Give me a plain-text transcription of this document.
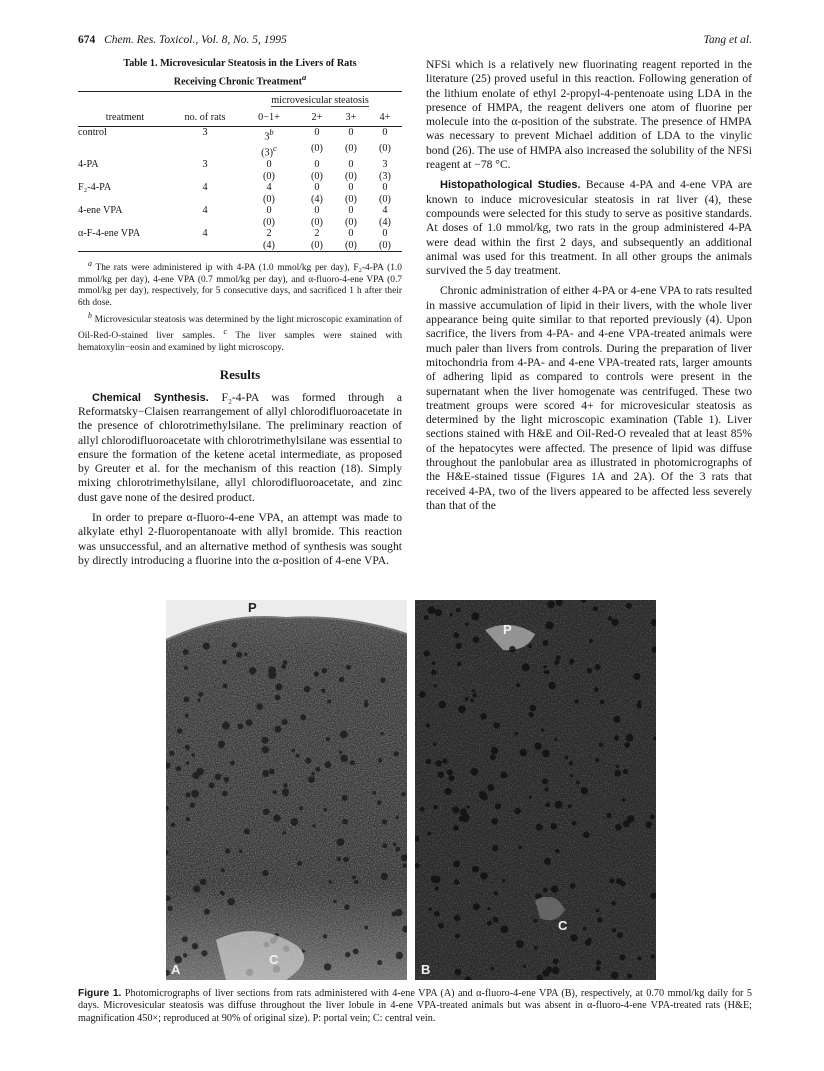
674 Chem. Res. Toxicol., Vol. 8, No. 5, 1995	Tang et al.
Table 1. Microvesicular Steatosis in the Livers of Rats
Receiving Chronic Treatment$^a$
		microvesicular steatosis			
treatment	no. of rats	0−1+	2+	3+	4+
control	3	3$^b$	0	0	0
		$(3)^c$	(0)	(0)	(0)
4-PA	3	0	0	0	3
		(0)	(0)	(0)	(3)
F₂-4-PA	4	4	0	0	0
		(0)	(4)	(0)	(0)
4-ene VPA	4	0	0	0	4
		(0)	(0)	(0)	(4)
α-F-4-ene VPA	4	2	2	0	0
		(4)	(0)	(0)	(0)

$^a$ The rats were administered ip with 4-PA (1.0 mmol/kg per day), F₂-4-PA (1.0 mmol/kg per day), 4-ene VPA (0.7 mmol/kg per day), and α-fluoro-4-ene VPA (0.7 mmol/kg per day), respectively, for 5 consecutive days, and sacrificed 1 h after their 6th dose.

$^b$ Microvesicular steatosis was determined by the light microscopic examination of Oil-Red-O-stained liver samples. $^c$ The liver samples were stained with hematoxylin−eosin and examined by light microscopy.

Results

Chemical Synthesis. F₂-4-PA was formed through a Reformatsky−Claisen rearrangement of allyl chlorodifluoroacetate in the presence of chlorotrimethylsilane. The preliminary reaction of allyl chlorodifluoroacetate with chlorotrimethylsilane was essential to ensure the formation of the ketene acetal intermediate, as proposed by Greuter et al. for the mechanism of this reaction (18). Simply mixing chlorotrimethylsilane, allyl chlorodifluoroacetate, and zinc dust gave none of the desired product.

In order to prepare α-fluoro-4-ene VPA, an attempt was made to alkylate ethyl 2-fluoropentanoate with allyl bromide. This reaction was unsuccessful, and an alternative method of synthesis was sought by directly introducing a fluorine into the α-position of 4-ene VPA.

NFSi which is a relatively new fluorinating reagent reported in the literature (25) proved useful in this reaction. Following generation of the lithium enolate of ethyl 2-propyl-4-pentenoate using LDA in the presence of HMPA, the reagent delivers one atom of fluorine per molecule into the α-position of the substrate. The presence of HMPA was necessary to prevent Michael addition of LDA to the vinylic bond (26). The use of HMPA also increased the solubility of the NFSi reagent at −78 °C.

Histopathological Studies. Because 4-PA and 4-ene VPA are known to induce microvesicular steatosis in rat liver (4), these compounds were selected for this study to serve as positive standards. At doses of 1.0 mmol/kg, two rats in the group administered 4-PA were dead within the first 2 days, and subsequently an additional animal was used for this treatment. In all other groups the animals survived the 5 day treatment.

Chronic administration of either 4-PA or 4-ene VPA to rats resulted in massive accumulation of lipid in their livers, with the whole liver appearance being quite similar to that reported previously (4). Upon sacrifice, the livers from 4-PA- and 4-ene VPA-treated animals were much paler than livers from controls. During the preparation of liver mitochondria from 4-PA- and 4-ene VPA-treated rats, larger amounts of adhering lipid as compared to controls were present in the supernatant when the liver homogenate was centrifuged. These two treatment groups were scored 4+ for microvesicular steatosis as determined by the light microscopic examination (Table 1). Liver sections stained with H&E and Oil-Red-O revealed that at least 85% of the hepatocytes were affected. The presence of lipid was diffuse throughout the panlobular area as illustrated in photomicrographs of the H&E-stained tissue (Figures 1A and 2A). Of the 3 rats that received 4-PA, two of the livers appeared to be affected less severely than that of the

P
C
A
P
C
B
Figure 1. Photomicrographs of liver sections from rats administered with 4-ene VPA (A) and α-fluoro-4-ene VPA (B), respectively, at 0.70 mmol/kg daily for 5 days. Microvesicular steatosis was diffuse throughout the liver lobule in 4-ene VPA-treated animals but was absent in α-fluoro-4-ene VPA-treated rats (H&E; magnification 450×; reproduced at 90% of original size). P: portal vein; C: central vein.
